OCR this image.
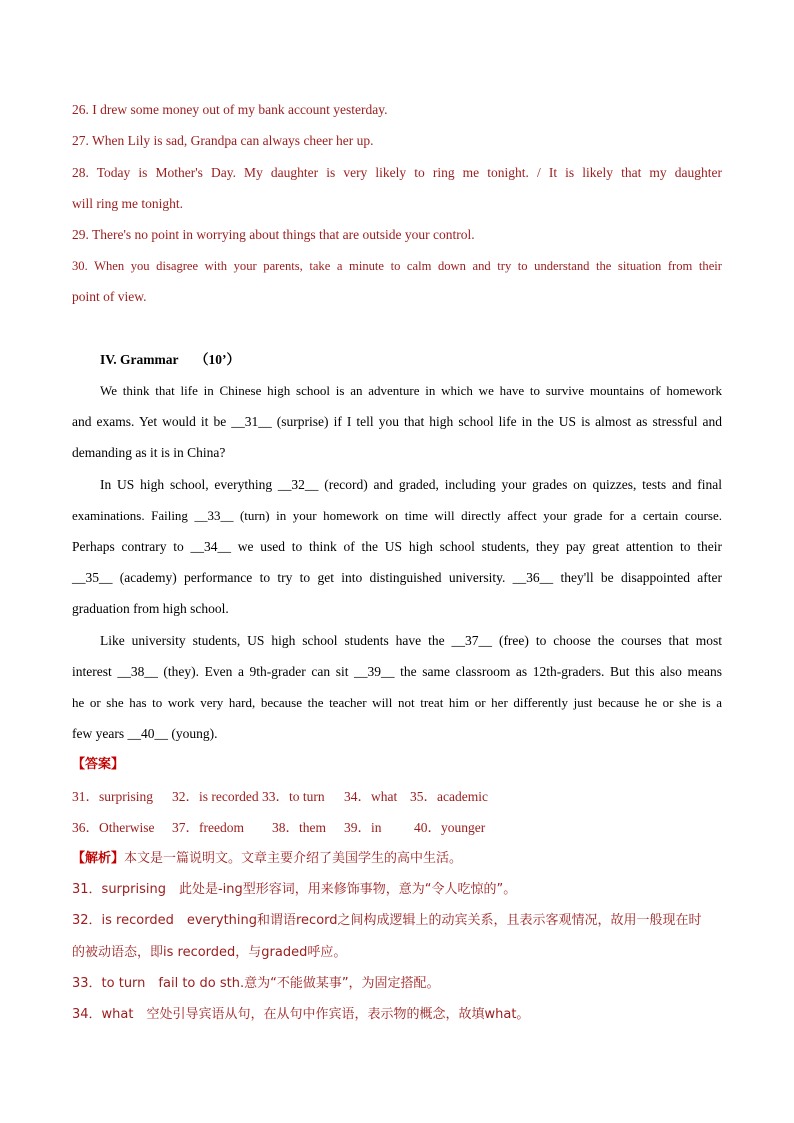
26. I drew some money out of my bank account yesterday.
27. When Lily is sad, Grandpa can always cheer her up.
28. Today is Mother's Day. My daughter is very likely to ring me tonight. / It is likely that my daughter
will ring me tonight.
29. There's no point in worrying about things that are outside your control.
30. When you disagree with your parents, take a minute to calm down and try to understand the situation from their
point of view.
IV. Grammar （10’）
We think that life in Chinese high school is an adventure in which we have to survive mountains of homework
and exams. Yet would it be __31__ (surprise) if I tell you that high school life in the US is almost as stressful and
demanding as it is in China?
In US high school, everything __32__ (record) and graded, including your grades on quizzes, tests and final
examinations. Failing __33__ (turn) in your homework on time will directly affect your grade for a certain course.
Perhaps contrary to __34__ we used to think of the US high school students, they pay great attention to their
__35__ (academy) performance to try to get into distinguished university. __36__ they'll be disappointed after
graduation from high school.
Like university students, US high school students have the __37__ (free) to choose the courses that most
interest __38__ (they). Even a 9th-grader can sit __39__ the same classroom as 12th-graders. But this also means
he or she has to work very hard, because the teacher will not treat him or her differently just because he or she is a
few years __40__ (young).
【答案】
31．surprising 32．is recorded 33．to turn 34．what 35．academic
36．Otherwise 37．freedom 38．them 39．in 40．younger
【解析】本文是一篇说明文。文章主要介绍了美国学生的高中生活。
31．surprising　此处是-ing型形容词，用来修饰事物，意为“令人吃惊的”。
32．is recorded　everything和谓语record之间构成逻辑上的动宾关系，且表示客观情况，故用一般现在时
的被动语态，即is recorded，与graded呼应。
33．to turn　fail to do sth.意为“不能做某事”，为固定搭配。
34．what　空处引导宾语从句，在从句中作宾语，表示物的概念，故填what。
